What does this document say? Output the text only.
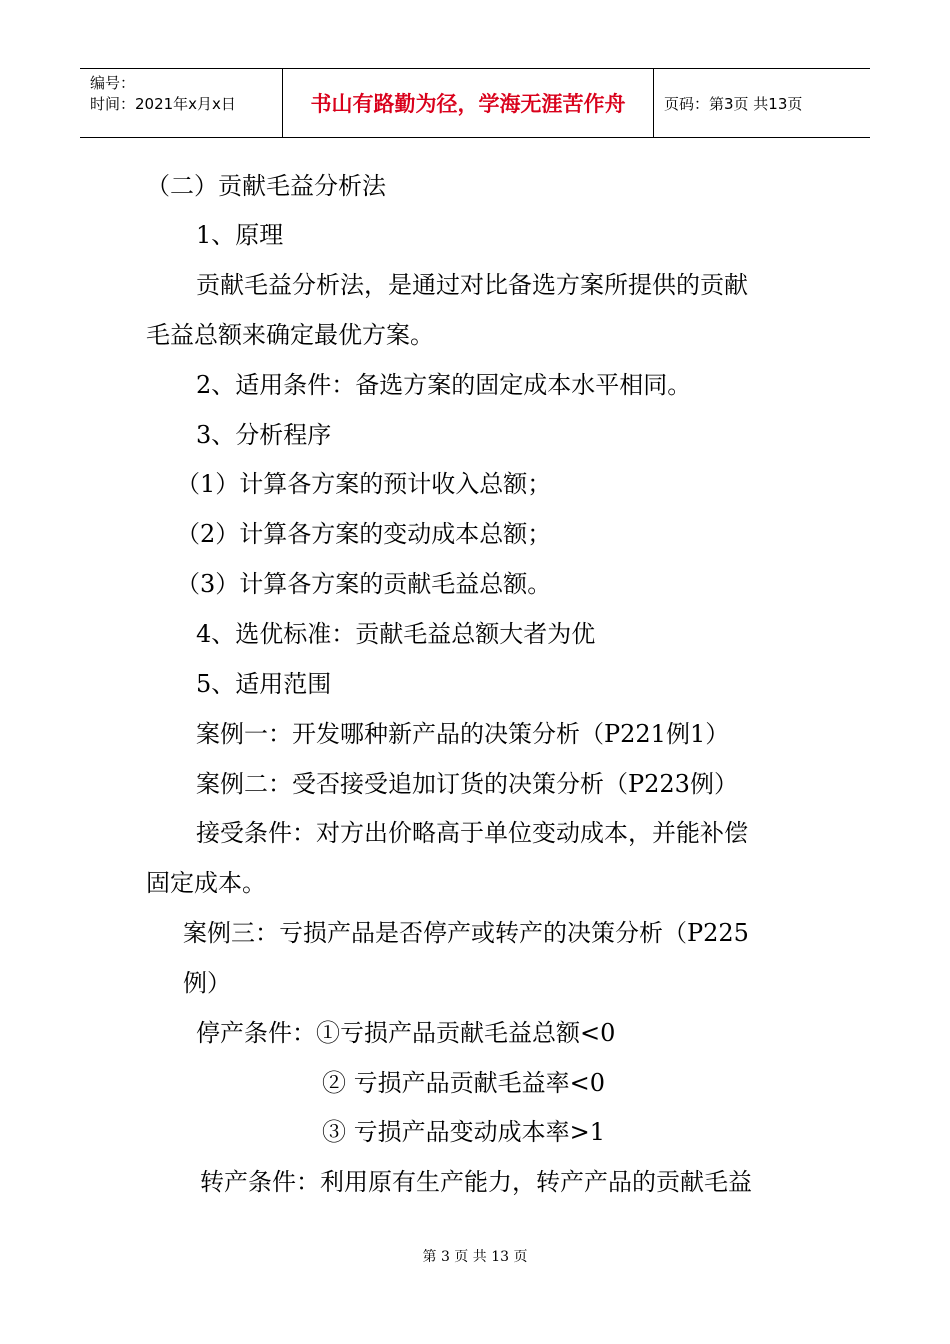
编号：
时间：2021年x月x日	书山有路勤为径，学海无涯苦作舟	页码：第3页 共13页
（二）贡献毛益分析法
1、原理
贡献毛益分析法，是通过对比备选方案所提供的贡献
毛益总额来确定最优方案。
2、适用条件：备选方案的固定成本水平相同。
3、分析程序
（1）计算各方案的预计收入总额；
（2）计算各方案的变动成本总额；
（3）计算各方案的贡献毛益总额。
4、选优标准：贡献毛益总额大者为优
5、适用范围
案例一：开发哪种新产品的决策分析（P221例1）
案例二：受否接受追加订货的决策分析（P223例）
接受条件：对方出价略高于单位变动成本，并能补偿
固定成本。
案例三：亏损产品是否停产或转产的决策分析（P225
例）
停产条件：①亏损产品贡献毛益总额<0
② 亏损产品贡献毛益率<0
③ 亏损产品变动成本率>1
转产条件：利用原有生产能力，转产产品的贡献毛益
第 3 页 共 13 页
